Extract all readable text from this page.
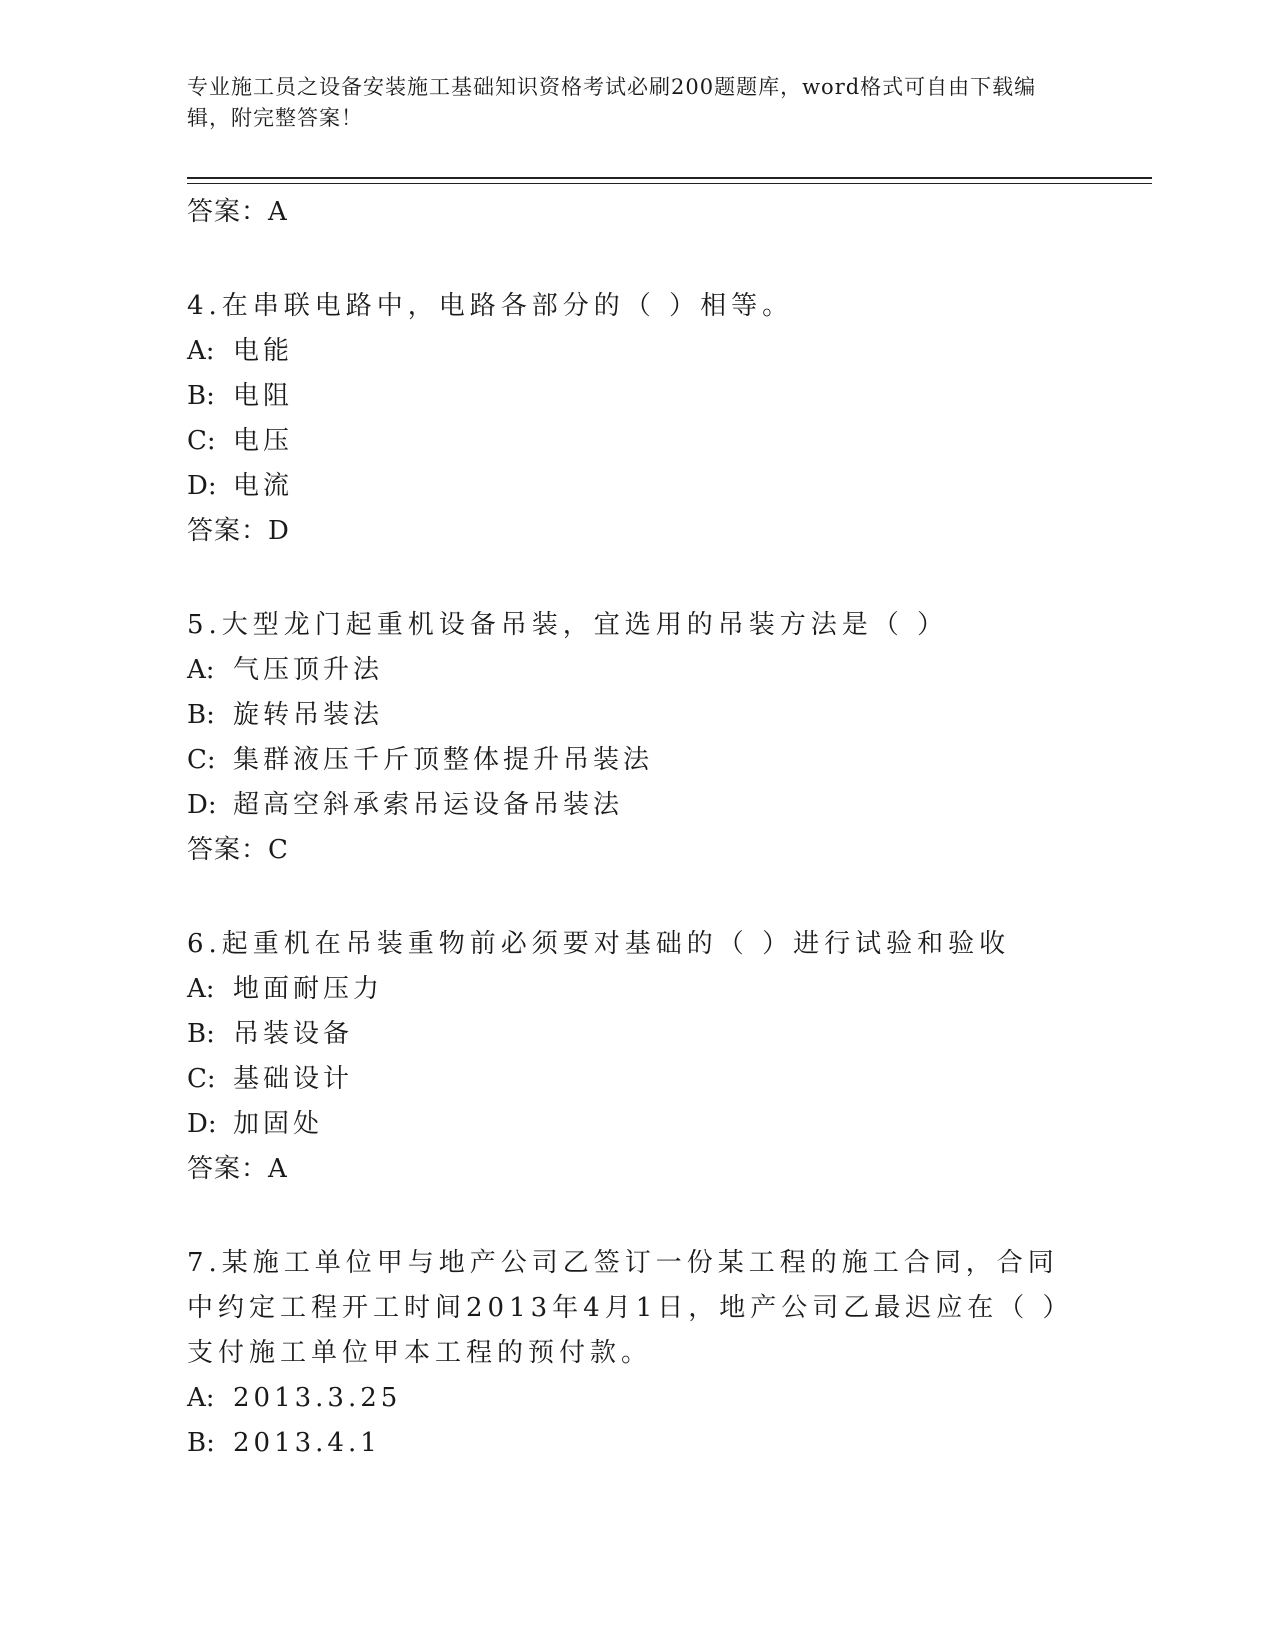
专业施工员之设备安装施工基础知识资格考试必刷200题题库，word格式可自由下载编辑，附完整答案！
答案：A
4.在串联电路中，电路各部分的（ ）相等。
A: 电能
B: 电阻
C: 电压
D: 电流
答案：D
5.大型龙门起重机设备吊装，宜选用的吊装方法是（ ）
A: 气压顶升法
B: 旋转吊装法
C: 集群液压千斤顶整体提升吊装法
D: 超高空斜承索吊运设备吊装法
答案：C
6.起重机在吊装重物前必须要对基础的（ ）进行试验和验收
A: 地面耐压力
B: 吊装设备
C: 基础设计
D: 加固处
答案：A
7.某施工单位甲与地产公司乙签订一份某工程的施工合同，合同中约定工程开工时间2013年4月1日，地产公司乙最迟应在（ ）支付施工单位甲本工程的预付款。
A: 2013.3.25
B: 2013.4.1
